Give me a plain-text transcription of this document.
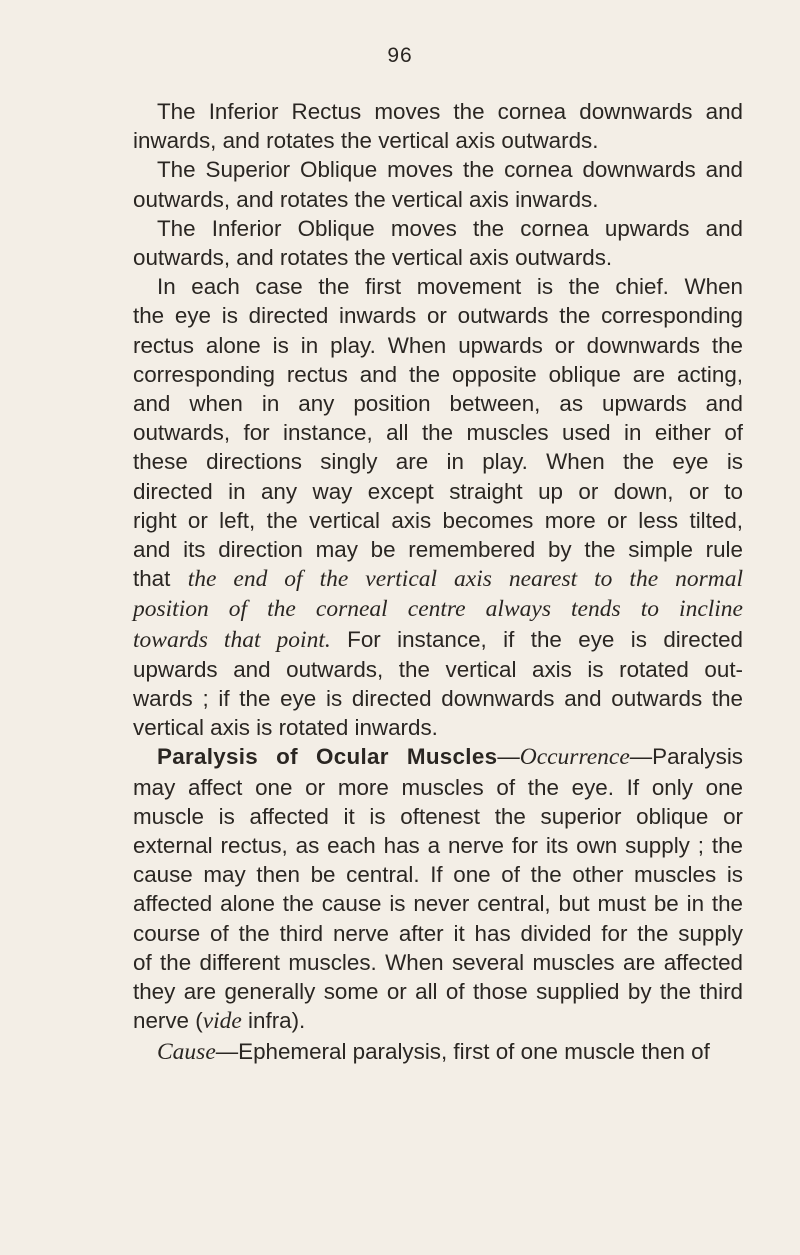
96
The Inferior Rectus moves the cornea downwards and
inwards, and rotates the vertical axis outwards.
The Superior Oblique moves the cornea downwards and
outwards, and rotates the vertical axis inwards.
The Inferior Oblique moves the cornea upwards and
outwards, and rotates the vertical axis outwards.
In each case the first movement is the chief. When
the eye is directed inwards or outwards the corresponding
rectus alone is in play. When upwards or downwards the
corresponding rectus and the opposite oblique are acting,
and when in any position between, as upwards and
outwards, for instance, all the muscles used in either of
these directions singly are in play. When the eye is
directed in any way except straight up or down, or to
right or left, the vertical axis becomes more or less tilted,
and its direction may be remembered by the simple rule
that the end of the vertical axis nearest to the normal
position of the corneal centre always tends to incline
towards that point. For instance, if the eye is directed
upwards and outwards, the vertical axis is rotated out-
wards ; if the eye is directed downwards and outwards the
vertical axis is rotated inwards.
Paralysis of Ocular Muscles—Occurrence—Paralysis
may affect one or more muscles of the eye. If only one
muscle is affected it is oftenest the superior oblique or
external rectus, as each has a nerve for its own supply ; the
cause may then be central. If one of the other muscles is
affected alone the cause is never central, but must be in the
course of the third nerve after it has divided for the supply
of the different muscles. When several muscles are affected
they are generally some or all of those supplied by the third
nerve (vide infra).
Cause—Ephemeral paralysis, first of one muscle then of
